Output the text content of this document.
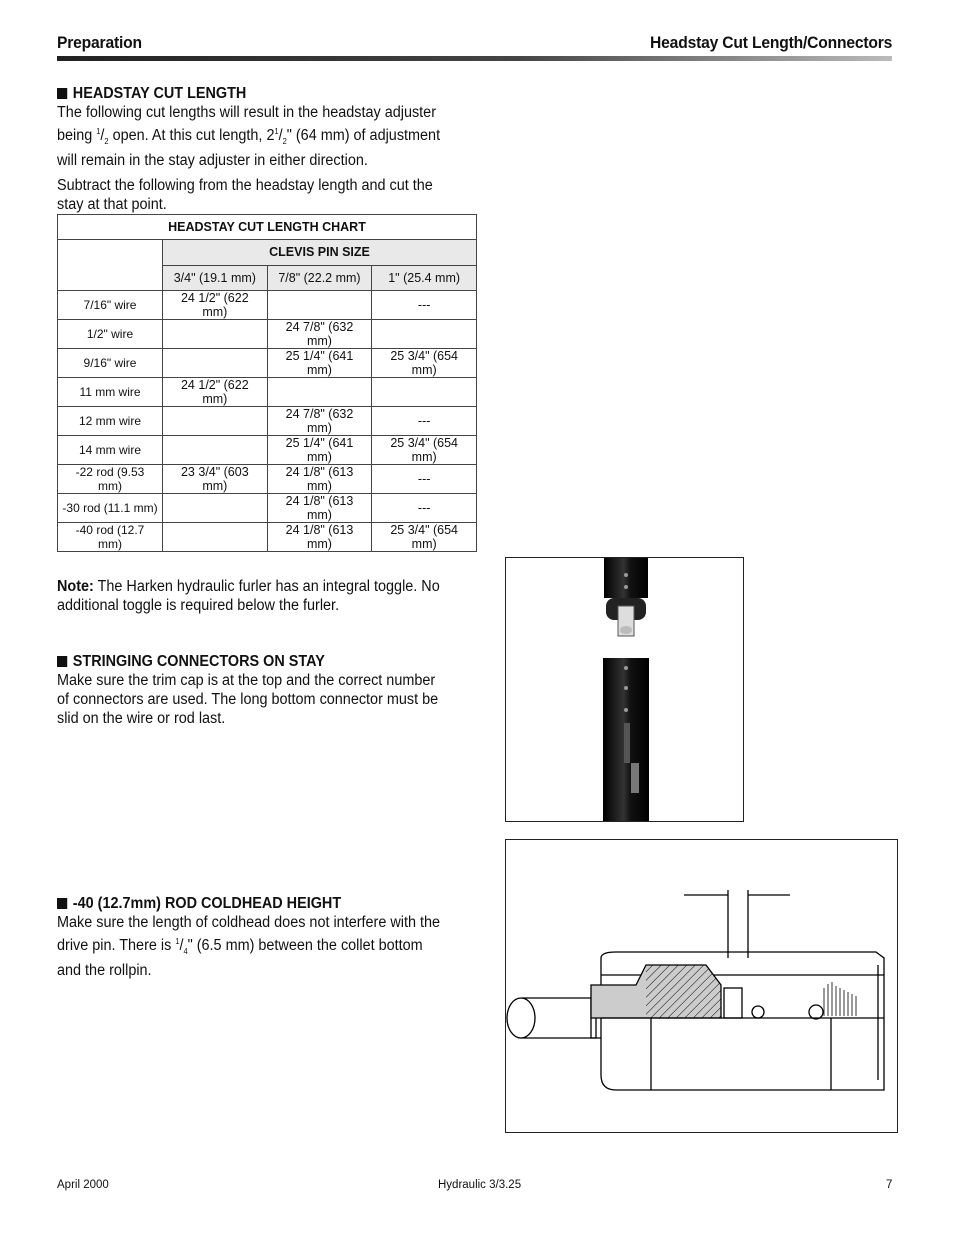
Preparation	Headstay Cut Length/Connectors
HEADSTAY CUT LENGTH

The following cut lengths will result in the headstay adjuster being $^1/_2$ open. At this cut length, $2^1/_2$" (64 mm) of adjustment will remain in the stay adjuster in either direction.

Subtract the following from the headstay length and cut the stay at that point.

HEADSTAY CUT LENGTH CHART			
	CLEVIS PIN SIZE		
	3/4" (19.1 mm)	7/8" (22.2 mm)	1" (25.4 mm)
7/16" wire	24 1/2" (622 mm)		---
1/2" wire		24 7/8" (632 mm)	
9/16" wire		25 1/4" (641 mm)	25 3/4" (654 mm)
11 mm wire	24 1/2" (622 mm)		
12 mm wire		24 7/8" (632 mm)	---
14 mm wire		25 1/4" (641 mm)	25 3/4" (654 mm)
-22 rod (9.53 mm)	23 3/4" (603 mm)	24 1/8" (613 mm)	---
-30 rod (11.1 mm)		24 1/8" (613 mm)	---
-40 rod (12.7 mm)		24 1/8" (613 mm)	25 3/4" (654 mm)

Note: The Harken hydraulic furler has an integral toggle. No additional toggle is required below the furler.

STRINGING CONNECTORS ON STAY

Make sure the trim cap is at the top and the correct number of connectors are used. The long bottom connector must be slid on the wire or rod last.

-40 (12.7mm) ROD COLDHEAD HEIGHT

Make sure the length of coldhead does not interfere with the drive pin. There is $^1/_4$" (6.5 mm) between the collet bottom and the rollpin.

April 2000	Hydraulic 3/3.25	7
